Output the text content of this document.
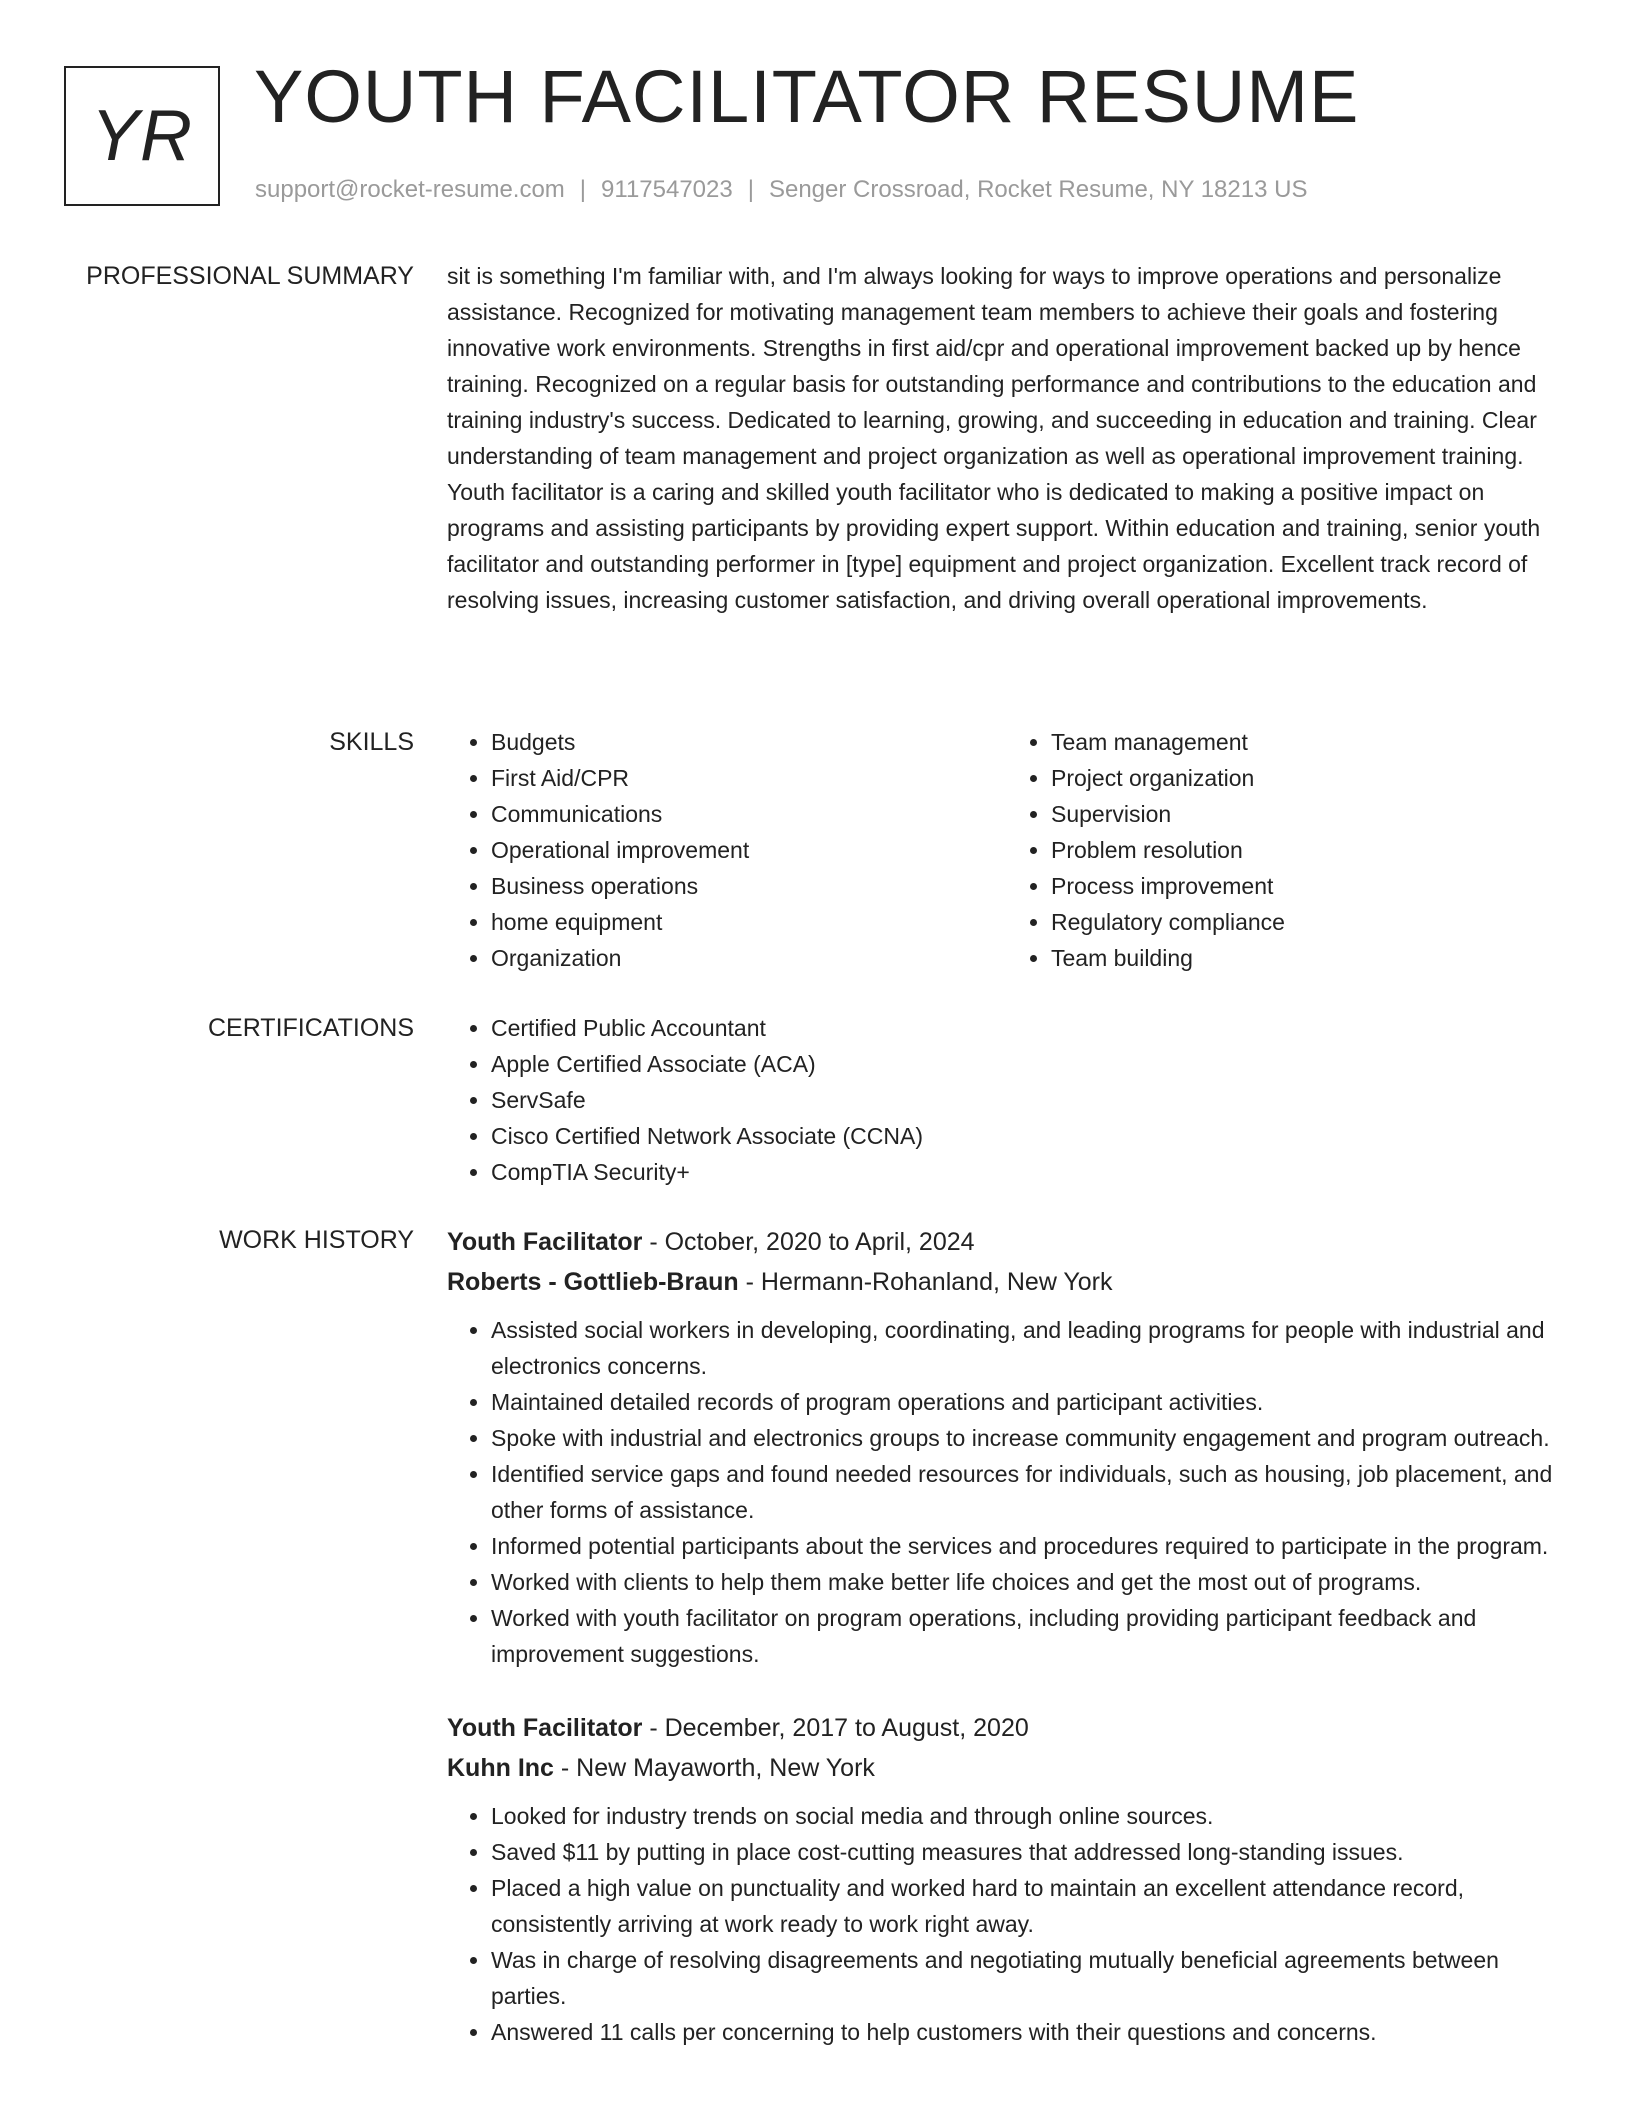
YR YOUTH FACILITATOR RESUME
support@rocket-resume.com | 9117547023 | Senger Crossroad, Rocket Resume, NY 18213 US
PROFESSIONAL SUMMARY sit is something I'm familiar with, and I'm always looking for ways to improve operations and personalize assistance. Recognized for motivating management team members to achieve their goals and fostering innovative work environments. Strengths in first aid/cpr and operational improvement backed up by hence training. Recognized on a regular basis for outstanding performance and contributions to the education and training industry's success. Dedicated to learning, growing, and succeeding in education and training. Clear understanding of team management and project organization as well as operational improvement training. Youth facilitator is a caring and skilled youth facilitator who is dedicated to making a positive impact on programs and assisting participants by providing expert support. Within education and training, senior youth facilitator and outstanding performer in [type] equipment and project organization. Excellent track record of resolving issues, increasing customer satisfaction, and driving overall operational improvements.
SKILLS	• Budgets
• First Aid/CPR
• Communications
• Operational improvement
• Business operations
• home equipment
• Organization
• Team management
• Project organization
• Supervision
• Problem resolution
• Process improvement
• Regulatory compliance
• Team building
CERTIFICATIONS	• Certified Public Accountant
• Apple Certified Associate (ACA)
• ServSafe
• Cisco Certified Network Associate (CCNA)
• CompTIA Security+
WORK HISTORY Youth Facilitator - October, 2020 to April, 2024
Roberts - Gottlieb-Braun - Hermann-Rohanland, New York
• Assisted social workers in developing, coordinating, and leading programs for people with industrial and electronics concerns.
• Maintained detailed records of program operations and participant activities.
• Spoke with industrial and electronics groups to increase community engagement and program outreach.
• Identified service gaps and found needed resources for individuals, such as housing, job placement, and other forms of assistance.
• Informed potential participants about the services and procedures required to participate in the program.
• Worked with clients to help them make better life choices and get the most out of programs.
• Worked with youth facilitator on program operations, including providing participant feedback and improvement suggestions.
Youth Facilitator - December, 2017 to August, 2020
Kuhn Inc - New Mayaworth, New York
• Looked for industry trends on social media and through online sources.
• Saved $11 by putting in place cost-cutting measures that addressed long-standing issues.
• Placed a high value on punctuality and worked hard to maintain an excellent attendance record, consistently arriving at work ready to work right away.
• Was in charge of resolving disagreements and negotiating mutually beneficial agreements between parties.
• Answered 11 calls per concerning to help customers with their questions and concerns.
